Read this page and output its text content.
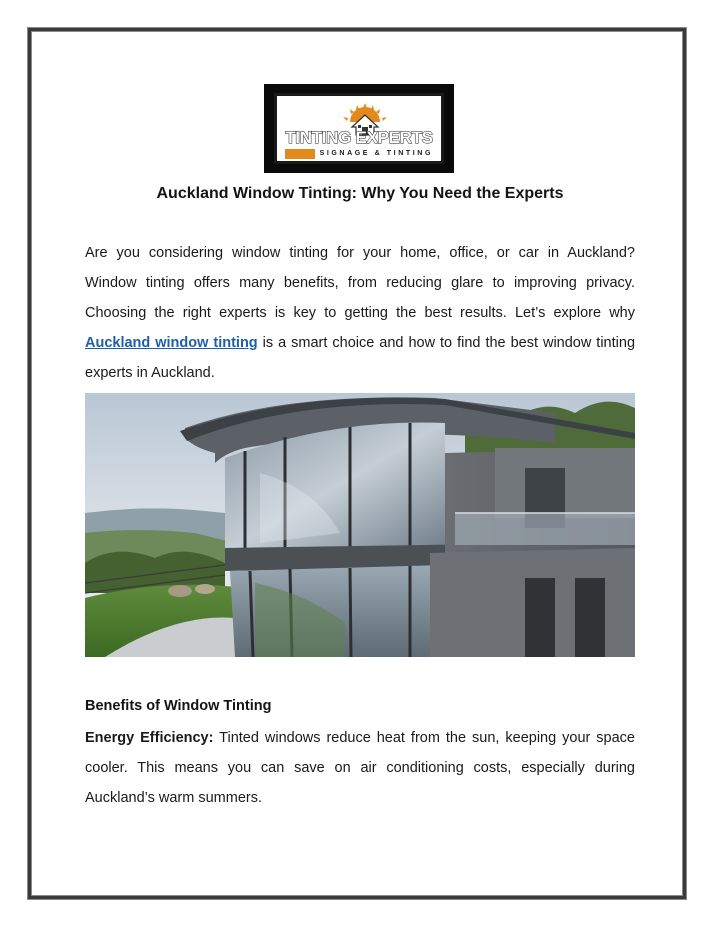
TINTING EXPERTS
SIGNAGE & TINTING
Auckland Window Tinting: Why You Need the Experts
Are you considering window tinting for your home, office, or car in Auckland?
Window tinting offers many benefits, from reducing glare to improving privacy.
Choosing the right experts is key to getting the best results. Let’s explore why
Auckland window tinting is a smart choice and how to find the best window tinting
experts in Auckland.
Benefits of Window Tinting
Energy Efficiency: Tinted windows reduce heat from the sun, keeping your space
cooler. This means you can save on air conditioning costs, especially during
Auckland’s warm summers.
